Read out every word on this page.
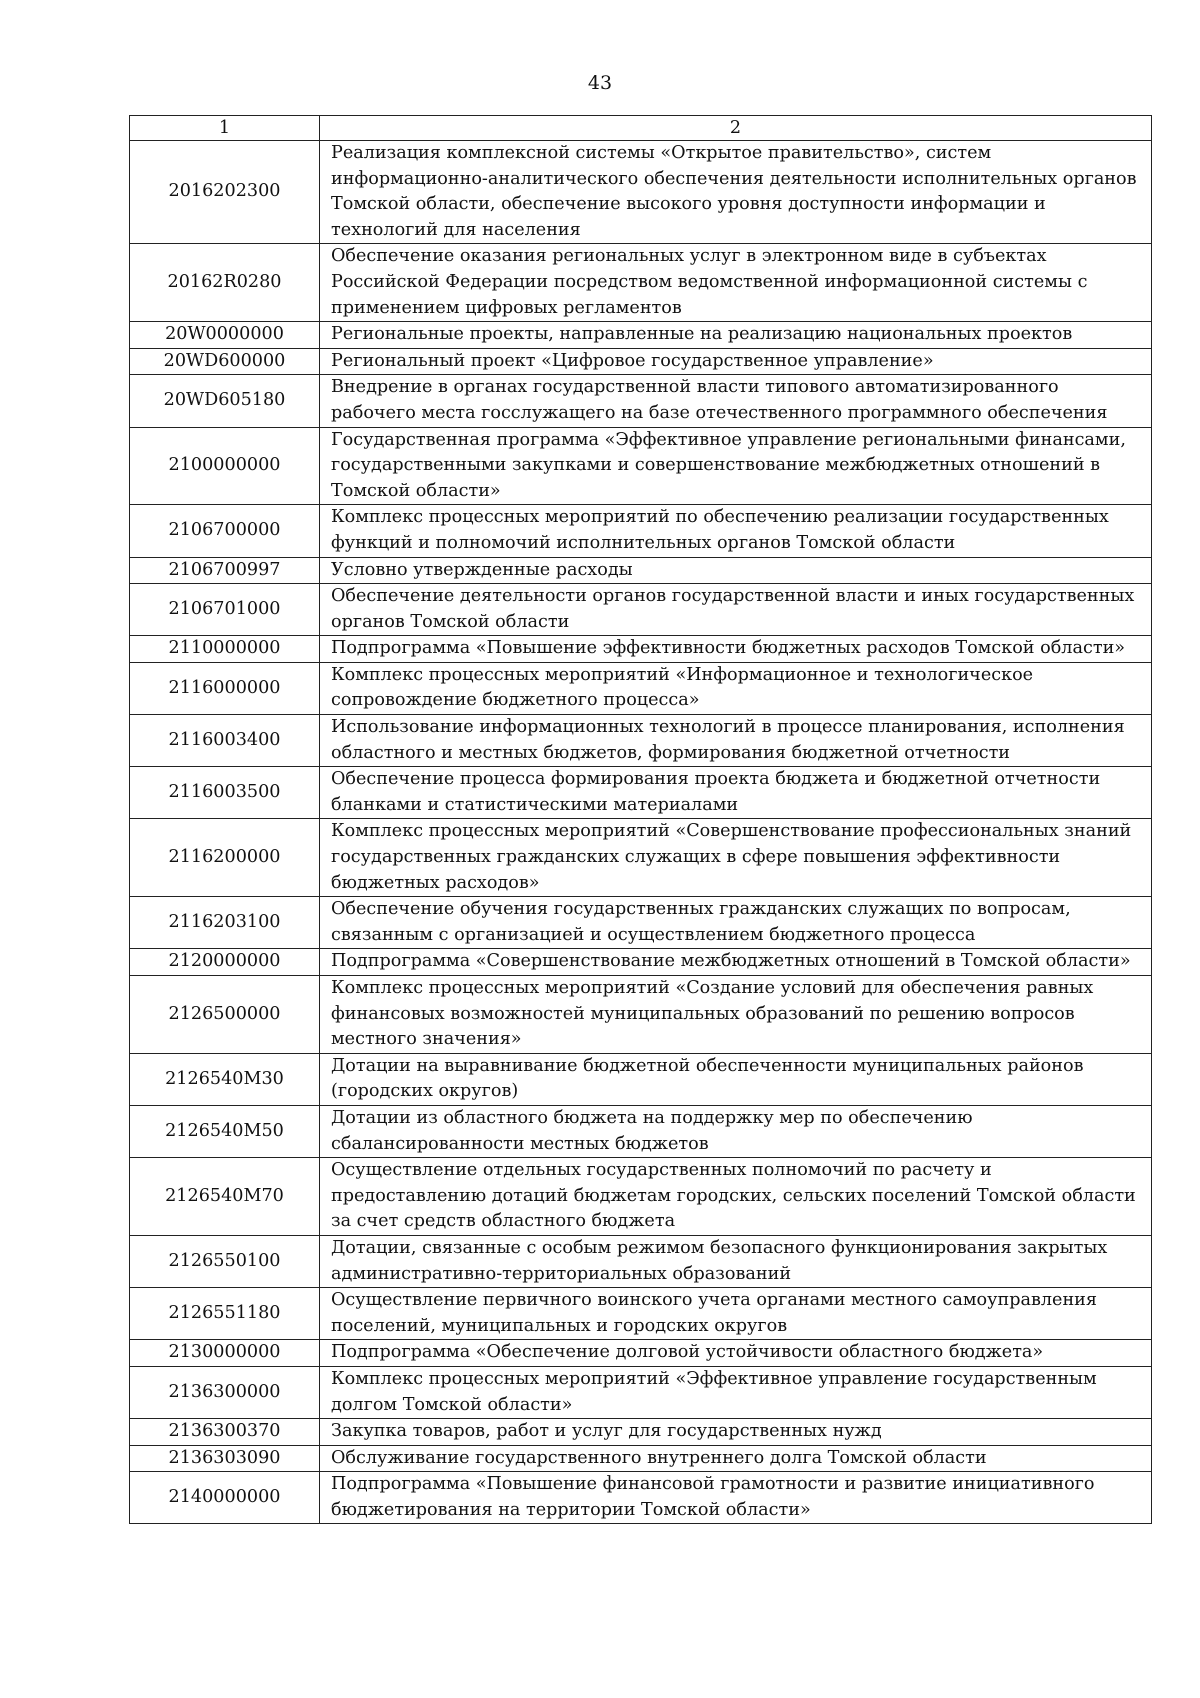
43
1	2
2016202300	Реализация комплексной системы «Открытое правительство», систем информационно-аналитического обеспечения деятельности исполнительных органов Томской области, обеспечение высокого уровня доступности информации и технологий для населения
20162R0280	Обеспечение оказания региональных услуг в электронном виде в субъектах Российской Федерации посредством ведомственной информационной системы с применением цифровых регламентов
20W0000000	Региональные проекты, направленные на реализацию национальных проектов
20WD600000	Региональный проект «Цифровое государственное управление»
20WD605180	Внедрение в органах государственной власти типового автоматизированного рабочего места госслужащего на базе отечественного программного обеспечения
2100000000	Государственная программа «Эффективное управление региональными финансами, государственными закупками и совершенствование межбюджетных отношений в Томской области»
2106700000	Комплекс процессных мероприятий по обеспечению реализации государственных функций и полномочий исполнительных органов Томской области
2106700997	Условно утвержденные расходы
2106701000	Обеспечение деятельности органов государственной власти и иных государственных органов Томской области
2110000000	Подпрограмма «Повышение эффективности бюджетных расходов Томской области»
2116000000	Комплекс процессных мероприятий «Информационное и технологическое сопровождение бюджетного процесса»
2116003400	Использование информационных технологий в процессе планирования, исполнения областного и местных бюджетов, формирования бюджетной отчетности
2116003500	Обеспечение процесса формирования проекта бюджета и бюджетной отчетности бланками и статистическими материалами
2116200000	Комплекс процессных мероприятий «Совершенствование профессиональных знаний государственных гражданских служащих в сфере повышения эффективности бюджетных расходов»
2116203100	Обеспечение обучения государственных гражданских служащих по вопросам, связанным с организацией и осуществлением бюджетного процесса
2120000000	Подпрограмма «Совершенствование межбюджетных отношений в Томской области»
2126500000	Комплекс процессных мероприятий «Создание условий для обеспечения равных финансовых возможностей муниципальных образований по решению вопросов местного значения»
2126540M30	Дотации на выравнивание бюджетной обеспеченности муниципальных районов (городских округов)
2126540M50	Дотации из областного бюджета на поддержку мер по обеспечению сбалансированности местных бюджетов
2126540M70	Осуществление отдельных государственных полномочий по расчету и предоставлению дотаций бюджетам городских, сельских поселений Томской области за счет средств областного бюджета
2126550100	Дотации, связанные с особым режимом безопасного функционирования закрытых административно-территориальных образований
2126551180	Осуществление первичного воинского учета органами местного самоуправления поселений, муниципальных и городских округов
2130000000	Подпрограмма «Обеспечение долговой устойчивости областного бюджета»
2136300000	Комплекс процессных мероприятий «Эффективное управление государственным долгом Томской области»
2136300370	Закупка товаров, работ и услуг для государственных нужд
2136303090	Обслуживание государственного внутреннего долга Томской области
2140000000	Подпрограмма «Повышение финансовой грамотности и развитие инициативного бюджетирования на территории Томской области»
